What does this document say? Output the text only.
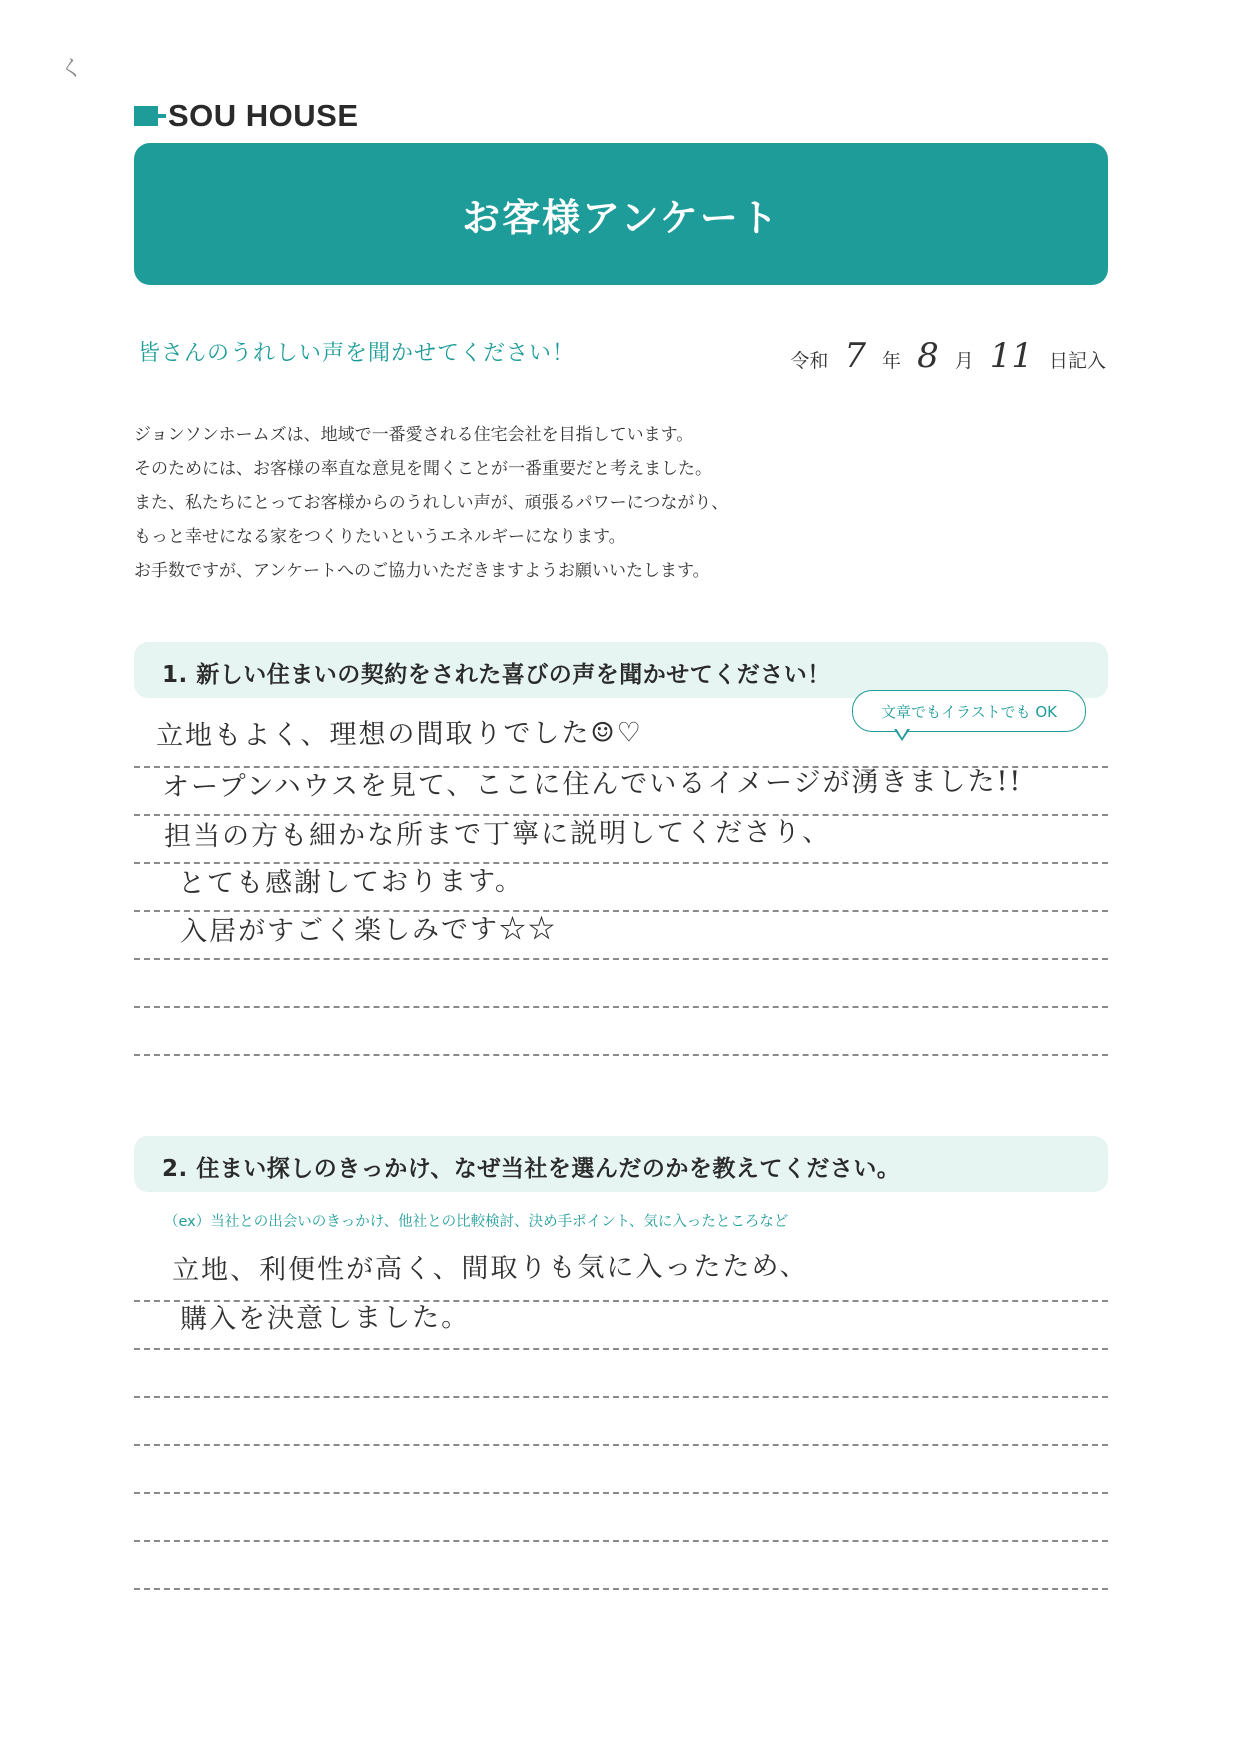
く
SOU HOUSE
お客様アンケート
皆さんのうれしい声を聞かせてください！	令和 7 年 8 月 11 日記入

ジョンソンホームズは、地域で一番愛される住宅会社を目指しています。

そのためには、お客様の率直な意見を聞くことが一番重要だと考えました。

また、私たちにとってお客様からのうれしい声が、頑張るパワーにつながり、

もっと幸せになる家をつくりたいというエネルギーになります。

お手数ですが、アンケートへのご協力いただきますようお願いいたします。

1. 新しい住まいの契約をされた喜びの声を聞かせてください！
文章でもイラストでも OK
立地もよく、理想の間取りでした☺♡
オープンハウスを見て、ここに住んでいるイメージが湧きました!!
担当の方も細かな所まで丁寧に説明してくださり、
とても感謝しております。
入居がすごく楽しみです☆☆
2. 住まい探しのきっかけ、なぜ当社を選んだのかを教えてください。
（ex）当社との出会いのきっかけ、他社との比較検討、決め手ポイント、気に入ったところなど
立地、利便性が高く、間取りも気に入ったため、
購入を決意しました。
